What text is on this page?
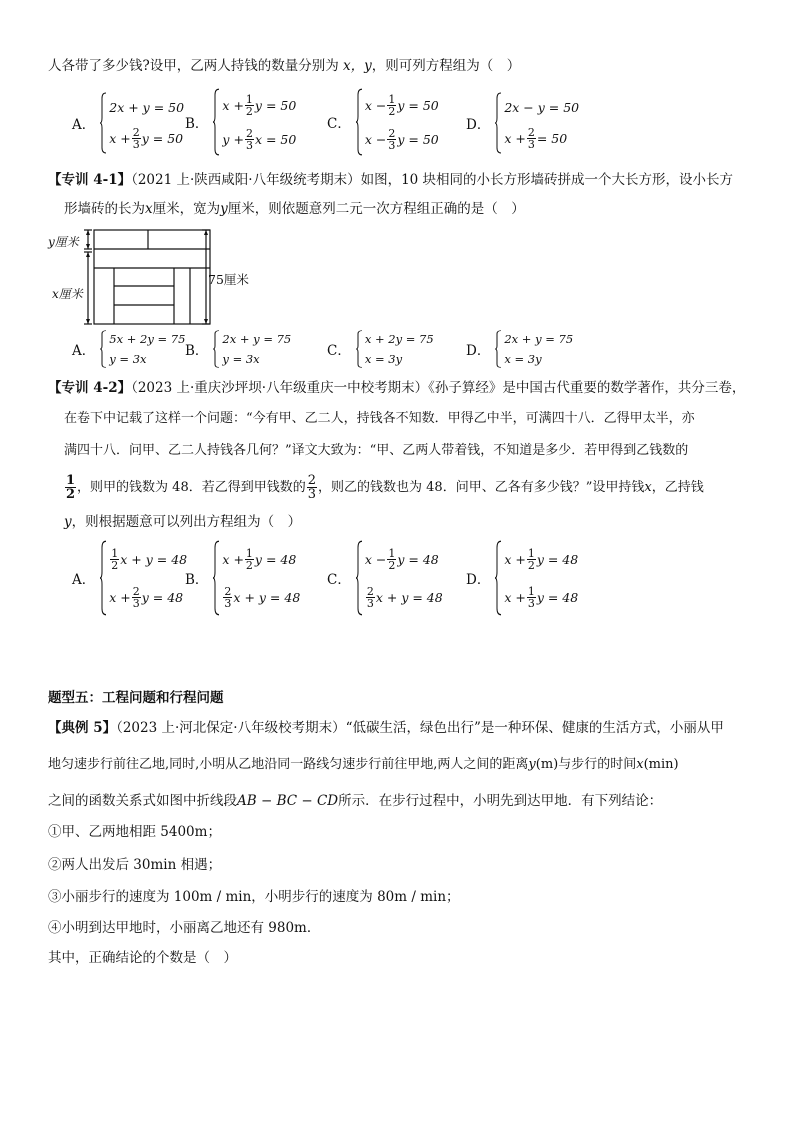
人各带了多少钱?设甲，乙两人持钱的数量分别为 x，y，则可列方程组为（　）
A．
2x + y = 50
$x + \frac{2}{3}$ y = 50
B．
$x + \frac{1}{2}$ y = 50
$y + \frac{2}{3}$ x = 50
C．
$x - \frac{1}{2}$ y = 50
$x - \frac{2}{3}$ y = 50
D．
2x − y = 50
$x + \frac{2}{3} = 50$
【专训 4-1】（2021 上·陕西咸阳·八年级统考期末）如图，10 块相同的小长方形墙砖拼成一个大长方形，设小长方
形墙砖的长为x厘米，宽为y厘米，则依题意列二元一次方程组正确的是（　）
y厘米
x厘米
75厘米
A．
5x + 2y = 75
y = 3x	B．
2x + y = 75
y = 3x	C．
x + 2y = 75
x = 3y	D．
2x + y = 75
x = 3y
【专训 4-2】（2023 上·重庆沙坪坝·八年级重庆一中校考期末）《孙子算经》是中国古代重要的数学著作，共分三卷，
在卷下中记载了这样一个问题：“今有甲、乙二人，持钱各不知数．甲得乙中半，可满四十八．乙得甲太半，亦
满四十八．问甲、乙二人持钱各几何？”译文大致为：“甲、乙两人带着钱，不知道是多少．若甲得到乙钱数的
$\frac{1}{2}$ ，则甲的钱数为 48．若乙得到甲钱数的 $\frac{2}{3}$ ，则乙的钱数也为 48．问甲、乙各有多少钱？”设甲持钱 x ，乙持钱
y，则根据题意可以列出方程组为（　）
A．
$\frac{1}{2}$ x + y = 48
$x + \frac{2}{3}$ y = 48
B．
$x + \frac{1}{2}$ y = 48
$\frac{2}{3}$ x + y = 48
C．
$x - \frac{1}{2}$ y = 48
$\frac{2}{3}$ x + y = 48
D．
$x + \frac{1}{2}$ y = 48
$x + \frac{1}{3}$ y = 48
题型五：工程问题和行程问题
【典例 5】（2023 上·河北保定·八年级校考期末）“低碳生活，绿色出行”是一种环保、健康的生活方式，小丽从甲
地匀速步行前往乙地,同时,小明从乙地沿同一路线匀速步行前往甲地,两人之间的距离y(m)与步行的时间x(min)
之间的函数关系式如图中折线段AB − BC − CD所示．在步行过程中，小明先到达甲地．有下列结论：
①甲、乙两地相距 5400m；
②两人出发后 30min 相遇；
③小丽步行的速度为 100m / min，小明步行的速度为 80m / min；
④小明到达甲地时，小丽离乙地还有 980m．
其中，正确结论的个数是（　）
